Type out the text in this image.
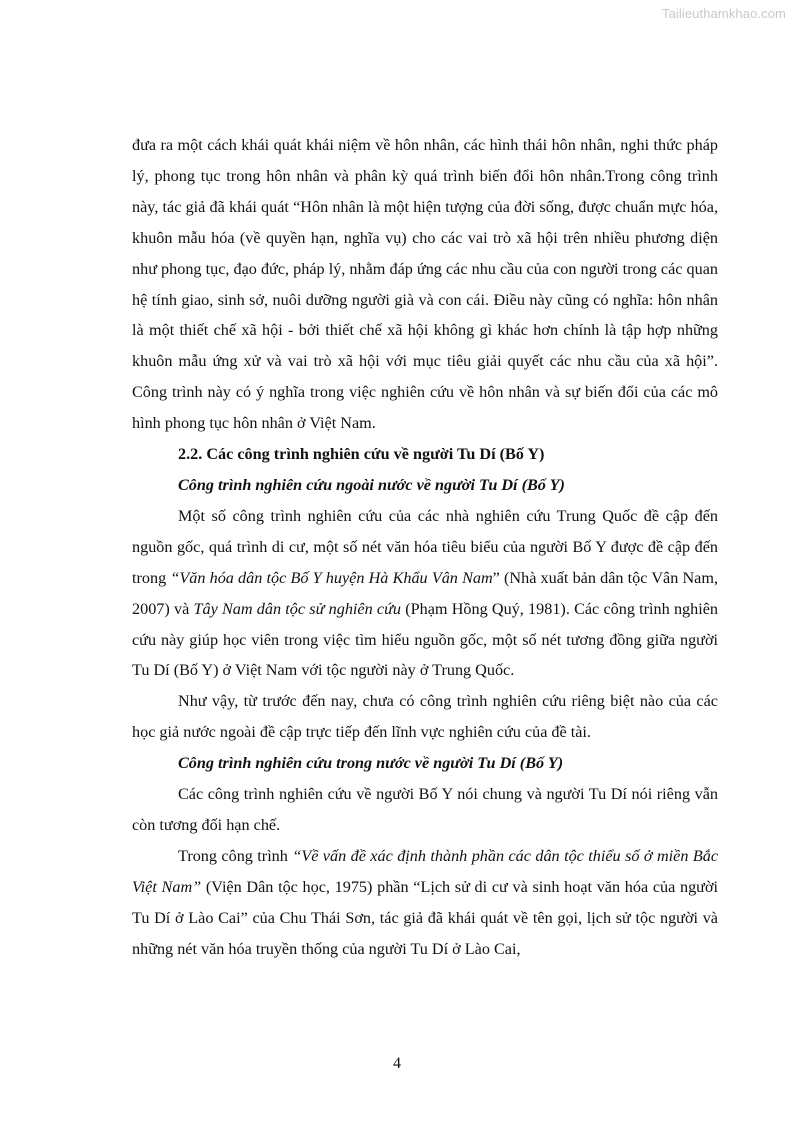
Tailieuthamkhao.com

đưa ra một cách khái quát khái niệm về hôn nhân, các hình thái hôn nhân, nghi thức pháp lý, phong tục trong hôn nhân và phân kỳ quá trình biến đổi hôn nhân.Trong công trình này, tác giả đã khái quát “Hôn nhân là một hiện tượng của đời sống, được chuẩn mực hóa, khuôn mẫu hóa (về quyền hạn, nghĩa vụ) cho các vai trò xã hội trên nhiều phương diện như phong tục, đạo đức, pháp lý, nhằm đáp ứng các nhu cầu của con người trong các quan hệ tính giao, sinh sở, nuôi dưỡng người già và con cái. Điều này cũng có nghĩa: hôn nhân là một thiết chế xã hội - bởi thiết chế xã hội không gì khác hơn chính là tập hợp những khuôn mẫu ứng xử và vai trò xã hội với mục tiêu giải quyết các nhu cầu của xã hội”. Công trình này có ý nghĩa trong việc nghiên cứu về hôn nhân và sự biến đổi của các mô hình phong tục hôn nhân ở Việt Nam.

2.2. Các công trình nghiên cứu về người Tu Dí (Bố Y)

Công trình nghiên cứu ngoài nước về người Tu Dí (Bố Y)

Một số công trình nghiên cứu của các nhà nghiên cứu Trung Quốc đề cập đến nguồn gốc, quá trình di cư, một số nét văn hóa tiêu biểu của người Bố Y được đề cập đến trong “Văn hóa dân tộc Bố Y huyện Hà Khẩu Vân Nam” (Nhà xuất bản dân tộc Vân Nam, 2007) và Tây Nam dân tộc sử nghiên cứu (Phạm Hồng Quý, 1981). Các công trình nghiên cứu này giúp học viên trong việc tìm hiểu nguồn gốc, một số nét tương đồng giữa người Tu Dí (Bố Y) ở Việt Nam với tộc người này ở Trung Quốc.

Như vậy, từ trước đến nay, chưa có công trình nghiên cứu riêng biệt nào của các học giả nước ngoài đề cập trực tiếp đến lĩnh vực nghiên cứu của đề tài.

Công trình nghiên cứu trong nước về người Tu Dí (Bố Y)

Các công trình nghiên cứu về người Bố Y nói chung và người Tu Dí nói riêng vẫn còn tương đối hạn chế.

Trong công trình “Về vấn đề xác định thành phần các dân tộc thiểu số ở miền Bắc Việt Nam” (Viện Dân tộc học, 1975) phần “Lịch sử di cư và sinh hoạt văn hóa của người Tu Dí ở Lào Cai” của Chu Thái Sơn, tác giả đã khái quát về tên gọi, lịch sử tộc người và những nét văn hóa truyền thống của người Tu Dí ở Lào Cai,

4
